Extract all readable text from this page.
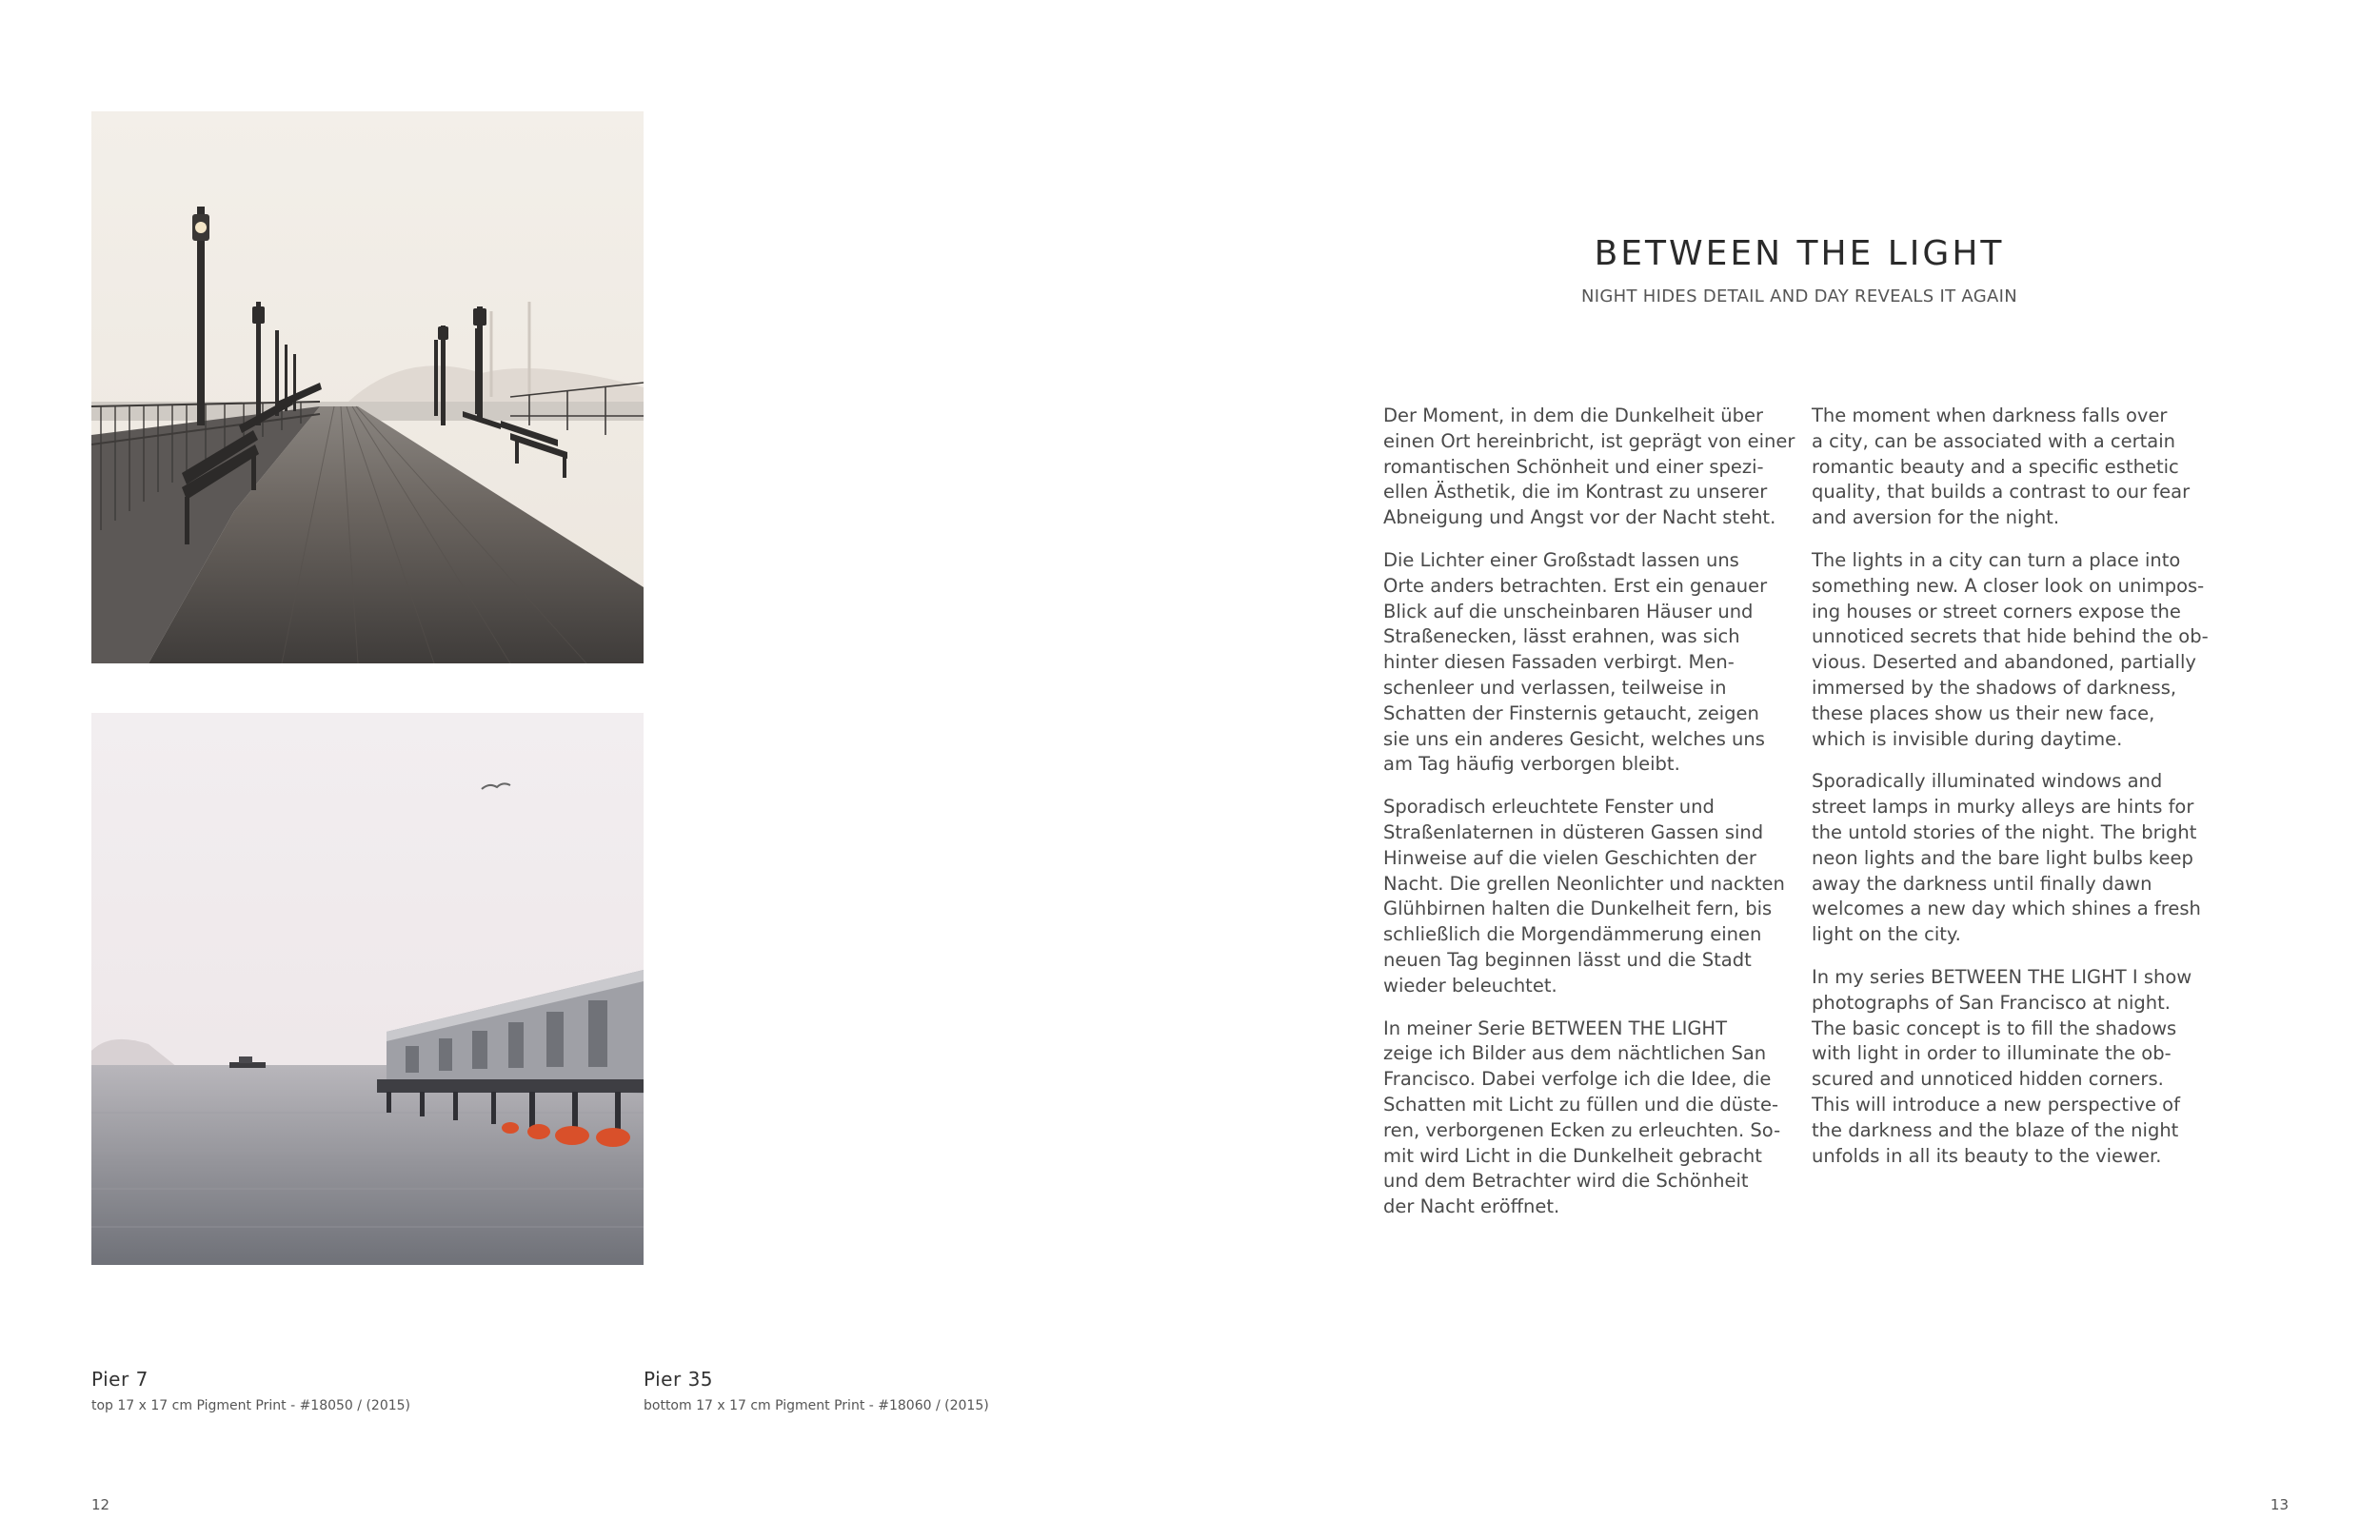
Pier 7
top 17 x 17 cm Pigment Print - #18050 / (2015)
Pier 35
bottom 17 x 17 cm Pigment Print - #18060 / (2015)
12	13
BETWEEN THE LIGHT
NIGHT HIDES DETAIL AND DAY REVEALS IT AGAIN

Der Moment, in dem die Dunkelheit über
einen Ort hereinbricht, ist geprägt von einer
romantischen Schönheit und einer spezi-
ellen Ästhetik, die im Kontrast zu unserer
Abneigung und Angst vor der Nacht steht.

Die Lichter einer Großstadt lassen uns
Orte anders betrachten. Erst ein genauer
Blick auf die unscheinbaren Häuser und
Straßenecken, lässt erahnen, was sich
hinter diesen Fassaden verbirgt. Men-
schenleer und verlassen, teilweise in
Schatten der Finsternis getaucht, zeigen
sie uns ein anderes Gesicht, welches uns
am Tag häufig verborgen bleibt.

Sporadisch erleuchtete Fenster und
Straßenlaternen in düsteren Gassen sind
Hinweise auf die vielen Geschichten der
Nacht. Die grellen Neonlichter und nackten
Glühbirnen halten die Dunkelheit fern, bis
schließlich die Morgendämmerung einen
neuen Tag beginnen lässt und die Stadt
wieder beleuchtet.

In meiner Serie BETWEEN THE LIGHT
zeige ich Bilder aus dem nächtlichen San
Francisco. Dabei verfolge ich die Idee, die
Schatten mit Licht zu füllen und die düste-
ren, verborgenen Ecken zu erleuchten. So-
mit wird Licht in die Dunkelheit gebracht
und dem Betrachter wird die Schönheit
der Nacht eröffnet.

The moment when darkness falls over
a city, can be associated with a certain
romantic beauty and a specific esthetic
quality, that builds a contrast to our fear
and aversion for the night.

The lights in a city can turn a place into
something new. A closer look on unimpos-
ing houses or street corners expose the
unnoticed secrets that hide behind the ob-
vious. Deserted and abandoned, partially
immersed by the shadows of darkness,
these places show us their new face,
which is invisible during daytime.

Sporadically illuminated windows and
street lamps in murky alleys are hints for
the untold stories of the night. The bright
neon lights and the bare light bulbs keep
away the darkness until finally dawn
welcomes a new day which shines a fresh
light on the city.

In my series BETWEEN THE LIGHT I show
photographs of San Francisco at night.
The basic concept is to fill the shadows
with light in order to illuminate the ob-
scured and unnoticed hidden corners.
This will introduce a new perspective of
the darkness and the blaze of the night
unfolds in all its beauty to the viewer.
